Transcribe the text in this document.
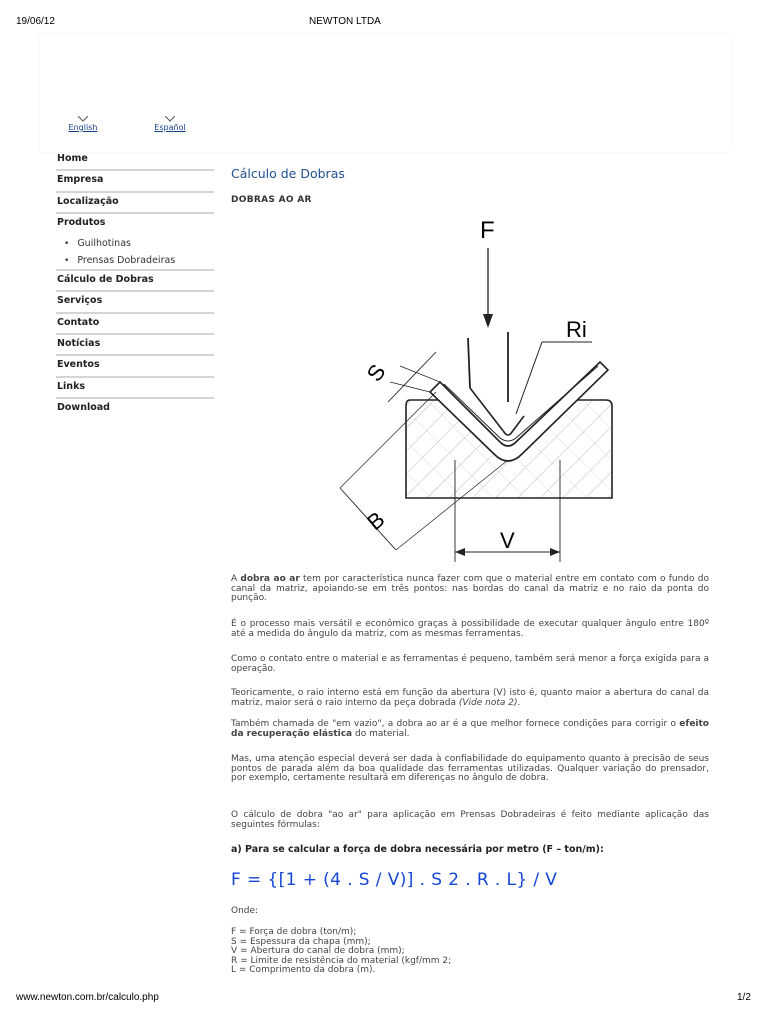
19/06/12	NEWTON LTDA
English	Español
Home
Empresa
Localização
Produtos
• Guilhotinas
• Prensas Dobradeiras
Cálculo de Dobras
Serviços
Contato
Notícias
Eventos
Links
Download
Cálculo de Dobras
DOBRAS AO AR
F
Ri
S
B
V
A dobra ao ar tem por característica nunca fazer com que o material entre em contato com o fundo do canal da matriz, apoiando-se em três pontos: nas bordas do canal da matriz e no raio da ponta do punção.
É o processo mais versátil e econômico graças à possibilidade de executar qualquer ângulo entre 180º até a medida do ângulo da matriz, com as mesmas ferramentas.
Como o contato entre o material e as ferramentas é pequeno, também será menor a força exigida para a operação.
Teoricamente, o raio interno está em função da abertura (V) isto é, quanto maior a abertura do canal da matriz, maior será o raio interno da peça dobrada (Vide nota 2).
Também chamada de "em vazio", a dobra ao ar é a que melhor fornece condições para corrigir o efeito da recuperação elástica do material.
Mas, uma atenção especial deverá ser dada à confiabilidade do equipamento quanto à precisão de seus pontos de parada além da boa qualidade das ferramentas utilizadas. Qualquer variação do prensador, por exemplo, certamente resultará em diferenças no ângulo de dobra.
O cálculo de dobra "ao ar" para aplicação em Prensas Dobradeiras é feito mediante aplicação das seguintes fórmulas:
a) Para se calcular a força de dobra necessária por metro (F – ton/m):
F = {[1 + (4 . S / V)] . S 2 . R . L} / V
Onde:
F = Força de dobra (ton/m);
S = Espessura da chapa (mm);
V = Abertura do canal de dobra (mm);
R = Limite de resistência do material (kgf/mm 2;
L = Comprimento da dobra (m).
www.newton.com.br/calculo.php	1/2
